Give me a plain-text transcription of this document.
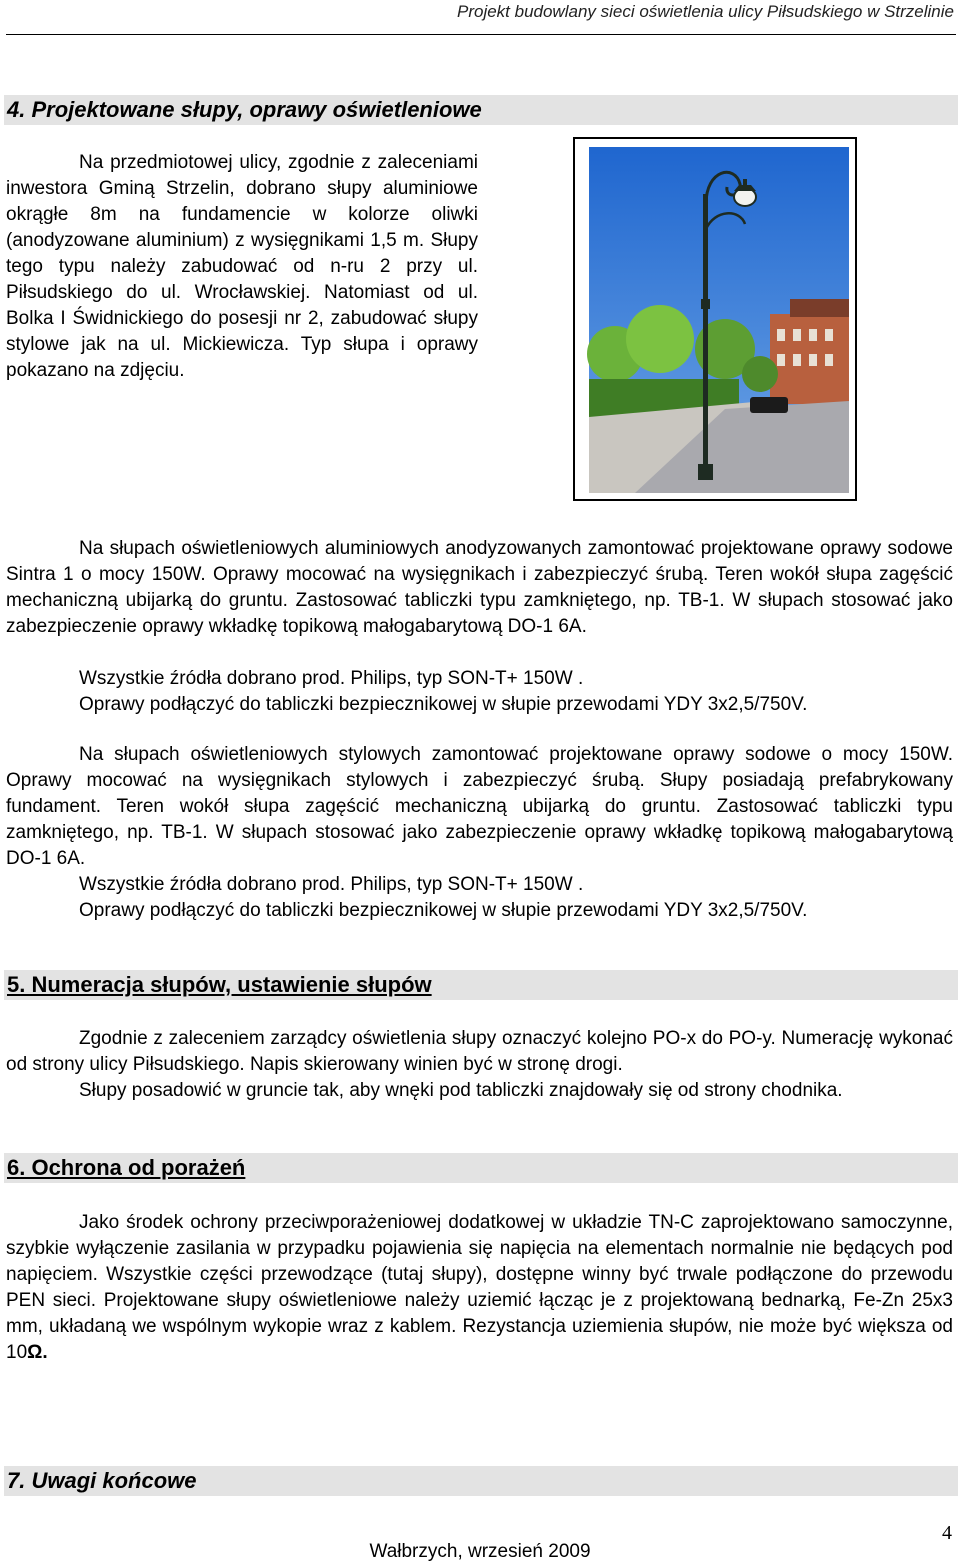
Projekt budowlany sieci oświetlenia ulicy Piłsudskiego w Strzelinie
4. Projektowane słupy, oprawy oświetleniowe
Na przedmiotowej ulicy, zgodnie z zaleceniami inwestora Gminą Strzelin, dobrano słupy aluminiowe okrągłe 8m na fundamencie w kolorze oliwki (anodyzowane aluminium) z wysięgnikami 1,5 m. Słupy tego typu należy zabudować od n-ru 2 przy ul. Piłsudskiego do ul. Wrocławskiej. Natomiast od ul. Bolka I Świdnickiego do posesji nr 2, zabudować słupy stylowe jak na ul. Mickiewicza. Typ słupa i oprawy pokazano na zdjęciu.
Na słupach oświetleniowych aluminiowych anodyzowanych zamontować projektowane oprawy sodowe Sintra 1 o mocy 150W. Oprawy mocować na wysięgnikach i zabezpieczyć śrubą. Teren wokół słupa zagęścić mechaniczną ubijarką do gruntu. Zastosować tabliczki typu zamkniętego, np. TB-1. W słupach stosować jako zabezpieczenie oprawy wkładkę topikową małogabarytową DO-1 6A.
Wszystkie źródła dobrano prod. Philips, typ SON-T+ 150W .
Oprawy podłączyć do tabliczki bezpiecznikowej w słupie przewodami YDY 3x2,5/750V.
Na słupach oświetleniowych stylowych zamontować projektowane oprawy sodowe o mocy 150W. Oprawy mocować na wysięgnikach stylowych i zabezpieczyć śrubą. Słupy posiadają prefabrykowany fundament. Teren wokół słupa zagęścić mechaniczną ubijarką do gruntu. Zastosować tabliczki typu zamkniętego, np. TB-1. W słupach stosować jako zabezpieczenie oprawy wkładkę topikową małogabarytową DO-1 6A.
Wszystkie źródła dobrano prod. Philips, typ SON-T+ 150W .
Oprawy podłączyć do tabliczki bezpiecznikowej w słupie przewodami YDY 3x2,5/750V.
5. Numeracja słupów, ustawienie słupów
Zgodnie z zaleceniem zarządcy oświetlenia słupy oznaczyć kolejno PO-x do PO-y. Numerację wykonać od strony ulicy Piłsudskiego. Napis skierowany winien być w stronę drogi.
Słupy posadowić w gruncie tak, aby wnęki pod tabliczki znajdowały się od strony chodnika.
6. Ochrona od porażeń
Jako środek ochrony przeciwporażeniowej dodatkowej w układzie TN-C zaprojektowano samoczynne, szybkie wyłączenie zasilania w przypadku pojawienia się napięcia na elementach normalnie nie będących pod napięciem. Wszystkie części przewodzące (tutaj słupy), dostępne winny być trwale podłączone do przewodu PEN sieci. Projektowane słupy oświetleniowe należy uziemić łącząc je z projektowaną bednarką, Fe-Zn 25x3 mm, układaną we wspólnym wykopie wraz z kablem. Rezystancja uziemienia słupów, nie może być większa od 10Ω.
7. Uwagi końcowe
4
Wałbrzych, wrzesień 2009
